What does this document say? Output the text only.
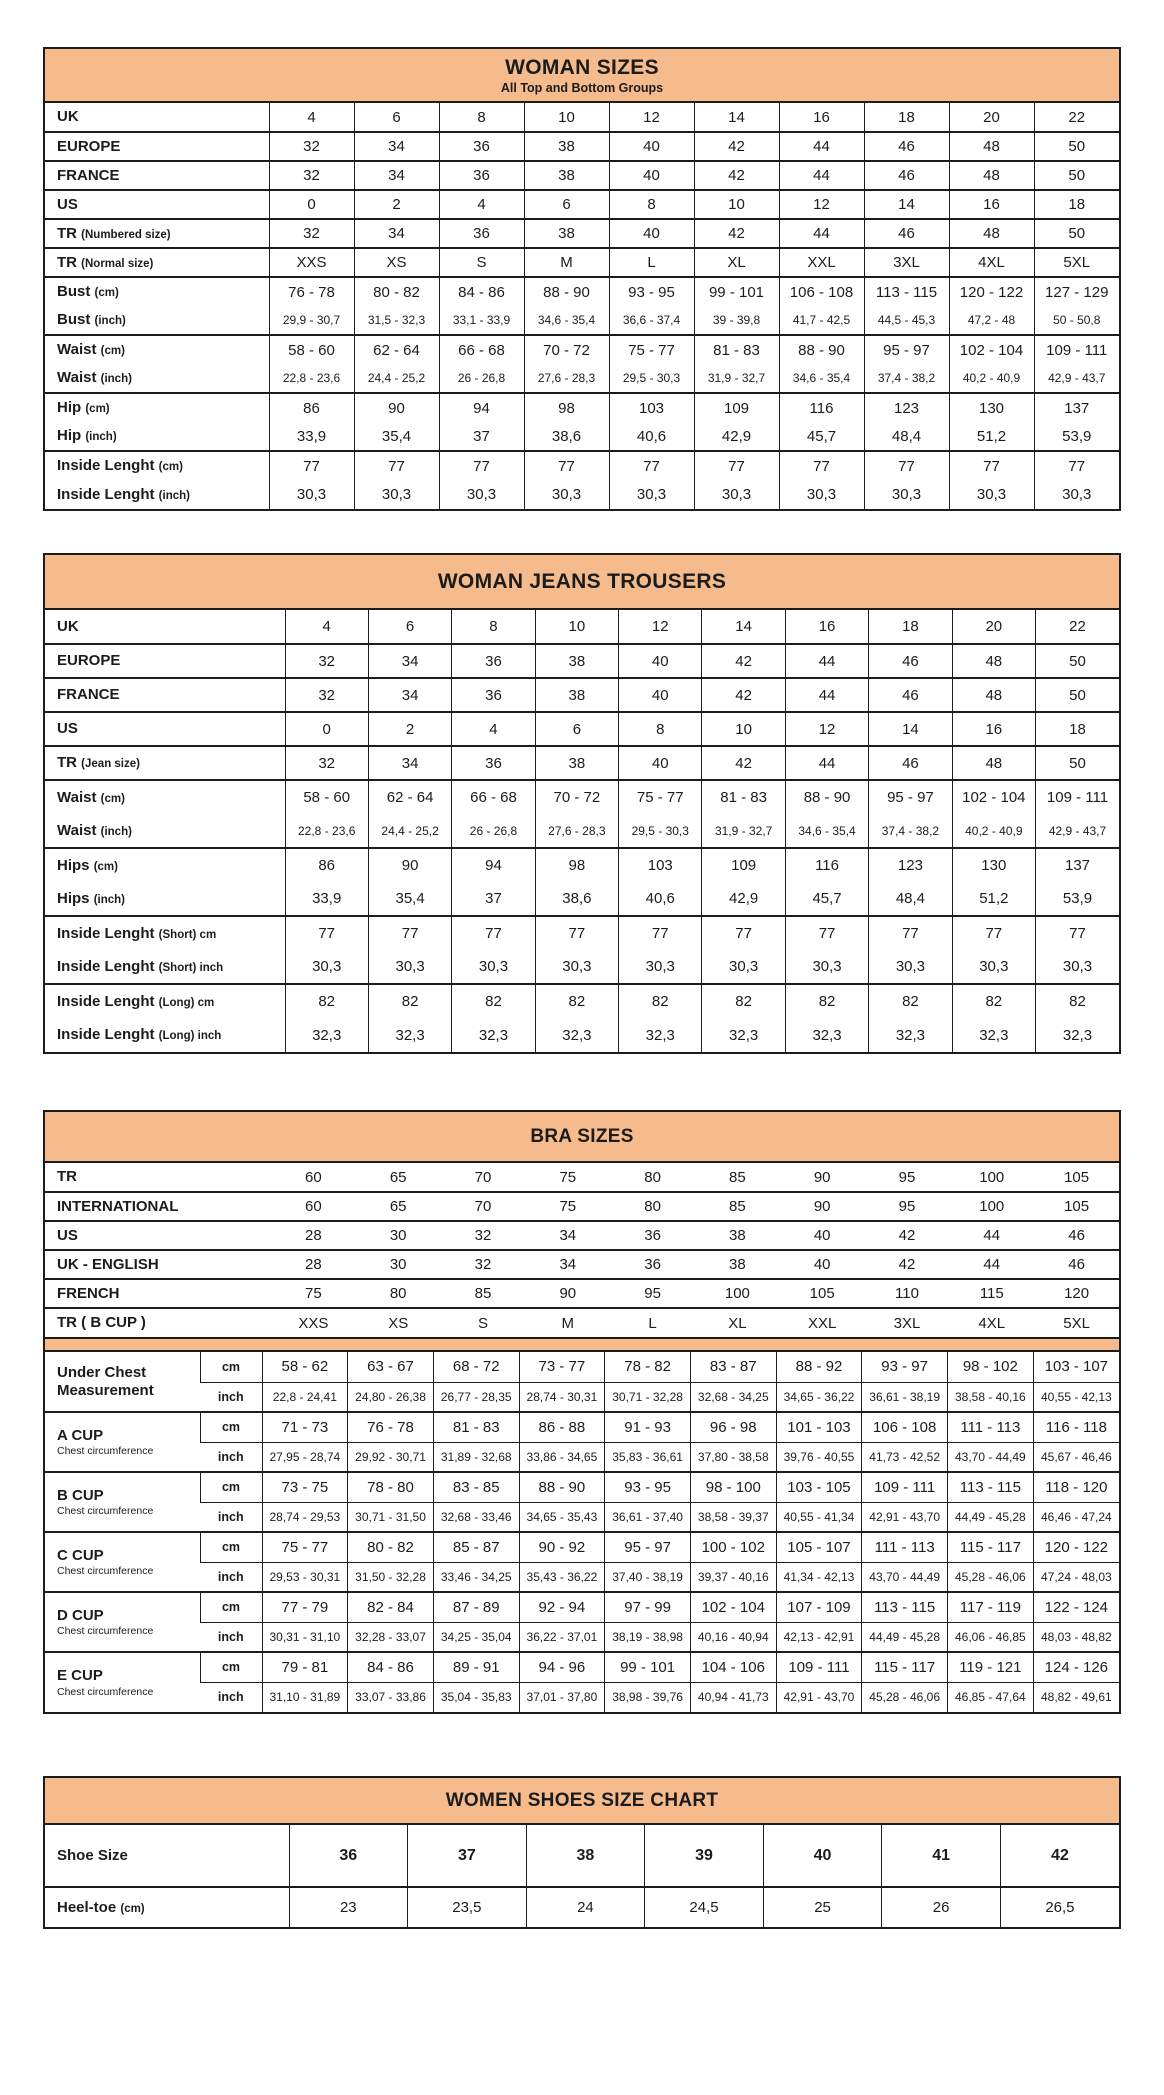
WOMAN SIZES
All Top and Bottom Groups
UK	4	6	8	10	12	14	16	18	20	22
EUROPE	32	34	36	38	40	42	44	46	48	50
FRANCE	32	34	36	38	40	42	44	46	48	50
US	0	2	4	6	8	10	12	14	16	18
TR (Numbered size)	32	34	36	38	40	42	44	46	48	50
TR (Normal size)	XXS	XS	S	M	L	XL	XXL	3XL	4XL	5XL
Bust (cm)	76 - 78	80 - 82	84 - 86	88 - 90	93 - 95	99 - 101	106 - 108	113 - 115	120 - 122	127 - 129
Bust (inch)	29,9 - 30,7	31,5 - 32,3	33,1 - 33,9	34,6 - 35,4	36,6 - 37,4	39 - 39,8	41,7 - 42,5	44,5 - 45,3	47,2 - 48	50 - 50,8
Waist (cm)	58 - 60	62 - 64	66 - 68	70 - 72	75 - 77	81 - 83	88 - 90	95 - 97	102 - 104	109 - 111
Waist (inch)	22,8 - 23,6	24,4 - 25,2	26 - 26,8	27,6 - 28,3	29,5 - 30,3	31,9 - 32,7	34,6 - 35,4	37,4 - 38,2	40,2 - 40,9	42,9 - 43,7
Hip (cm)	86	90	94	98	103	109	116	123	130	137
Hip (inch)	33,9	35,4	37	38,6	40,6	42,9	45,7	48,4	51,2	53,9
Inside Lenght (cm)	77	77	77	77	77	77	77	77	77	77
Inside Lenght (inch)	30,3	30,3	30,3	30,3	30,3	30,3	30,3	30,3	30,3	30,3
WOMAN JEANS TROUSERS
UK	4	6	8	10	12	14	16	18	20	22
EUROPE	32	34	36	38	40	42	44	46	48	50
FRANCE	32	34	36	38	40	42	44	46	48	50
US	0	2	4	6	8	10	12	14	16	18
TR (Jean size)	32	34	36	38	40	42	44	46	48	50
Waist (cm)	58 - 60	62 - 64	66 - 68	70 - 72	75 - 77	81 - 83	88 - 90	95 - 97	102 - 104	109 - 111
Waist (inch)	22,8 - 23,6	24,4 - 25,2	26 - 26,8	27,6 - 28,3	29,5 - 30,3	31,9 - 32,7	34,6 - 35,4	37,4 - 38,2	40,2 - 40,9	42,9 - 43,7
Hips (cm)	86	90	94	98	103	109	116	123	130	137
Hips (inch)	33,9	35,4	37	38,6	40,6	42,9	45,7	48,4	51,2	53,9
Inside Lenght (Short) cm	77	77	77	77	77	77	77	77	77	77
Inside Lenght (Short) inch	30,3	30,3	30,3	30,3	30,3	30,3	30,3	30,3	30,3	30,3
Inside Lenght (Long) cm	82	82	82	82	82	82	82	82	82	82
Inside Lenght (Long) inch	32,3	32,3	32,3	32,3	32,3	32,3	32,3	32,3	32,3	32,3
BRA SIZES
TR	60	65	70	75	80	85	90	95	100	105
INTERNATIONAL	60	65	70	75	80	85	90	95	100	105
US	28	30	32	34	36	38	40	42	44	46
UK - ENGLISH	28	30	32	34	36	38	40	42	44	46
FRENCH	75	80	85	90	95	100	105	110	115	120
TR ( B CUP )	XXS	XS	S	M	L	XL	XXL	3XL	4XL	5XL
Under Chest Measurement	cm	58 - 62	63 - 67	68 - 72	73 - 77	78 - 82	83 - 87	88 - 92	93 - 97	98 - 102	103 - 107
	inch	22,8 - 24,41	24,80 - 26,38	26,77 - 28,35	28,74 - 30,31	30,71 - 32,28	32,68 - 34,25	34,65 - 36,22	36,61 - 38,19	38,58 - 40,16	40,55 - 42,13
A CUP
Chest circumference	cm	71 - 73	76 - 78	81 - 83	86 - 88	91 - 93	96 - 98	101 - 103	106 - 108	111 - 113	116 - 118
	inch	27,95 - 28,74	29,92 - 30,71	31,89 - 32,68	33,86 - 34,65	35,83 - 36,61	37,80 - 38,58	39,76 - 40,55	41,73 - 42,52	43,70 - 44,49	45,67 - 46,46
B CUP
Chest circumference	cm	73 - 75	78 - 80	83 - 85	88 - 90	93 - 95	98 - 100	103 - 105	109 - 111	113 - 115	118 - 120
	inch	28,74 - 29,53	30,71 - 31,50	32,68 - 33,46	34,65 - 35,43	36,61 - 37,40	38,58 - 39,37	40,55 - 41,34	42,91 - 43,70	44,49 - 45,28	46,46 - 47,24
C CUP
Chest circumference	cm	75 - 77	80 - 82	85 - 87	90 - 92	95 - 97	100 - 102	105 - 107	111 - 113	115 - 117	120 - 122
	inch	29,53 - 30,31	31,50 - 32,28	33,46 - 34,25	35,43 - 36,22	37,40 - 38,19	39,37 - 40,16	41,34 - 42,13	43,70 - 44,49	45,28 - 46,06	47,24 - 48,03
D CUP
Chest circumference	cm	77 - 79	82 - 84	87 - 89	92 - 94	97 - 99	102 - 104	107 - 109	113 - 115	117 - 119	122 - 124
	inch	30,31 - 31,10	32,28 - 33,07	34,25 - 35,04	36,22 - 37,01	38,19 - 38,98	40,16 - 40,94	42,13 - 42,91	44,49 - 45,28	46,06 - 46,85	48,03 - 48,82
E CUP
Chest circumference	cm	79 - 81	84 - 86	89 - 91	94 - 96	99 - 101	104 - 106	109 - 111	115 - 117	119 - 121	124 - 126
	inch	31,10 - 31,89	33,07 - 33,86	35,04 - 35,83	37,01 - 37,80	38,98 - 39,76	40,94 - 41,73	42,91 - 43,70	45,28 - 46,06	46,85 - 47,64	48,82 - 49,61
WOMEN SHOES SIZE CHART
Shoe Size	36	37	38	39	40	41	42
Heel-toe (cm)	23	23,5	24	24,5	25	26	26,5
